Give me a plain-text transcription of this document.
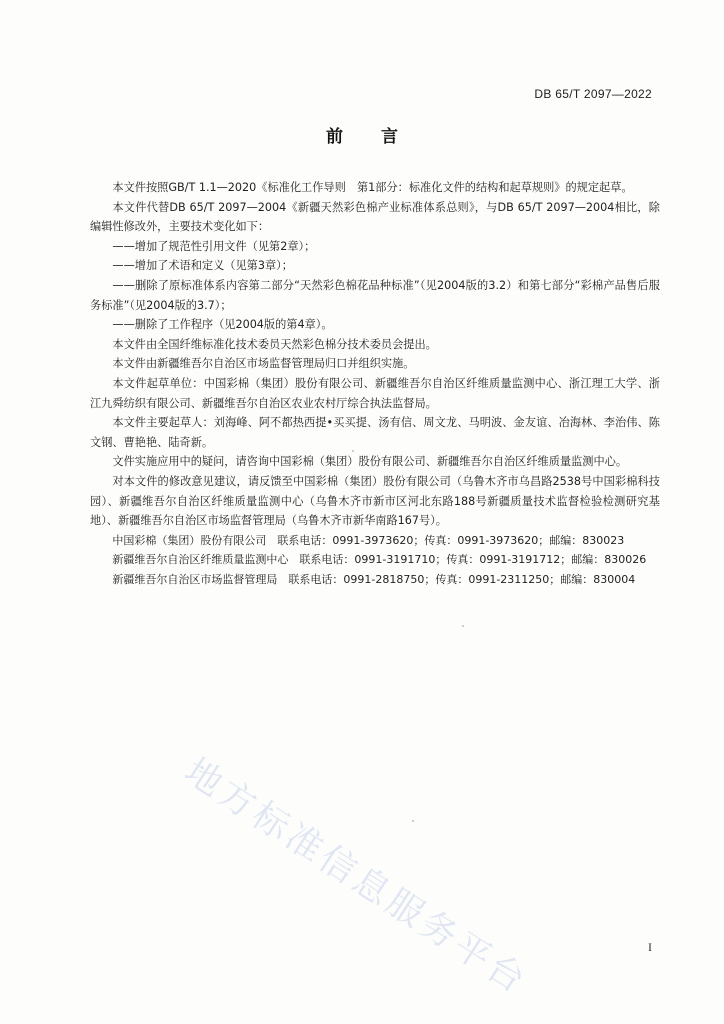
DB 65/T 2097—2022
前言

本文件按照GB/T 1.1—2020《标准化工作导则　第1部分：标准化文件的结构和起草规则》的规定起草。

本文件代替DB 65/T 2097—2004《新疆天然彩色棉产业标准体系总则》，与DB 65/T 2097—2004相比，除编辑性修改外，主要技术变化如下：

——增加了规范性引用文件（见第2章）；

——增加了术语和定义（见第3章）；

——删除了原标准体系内容第二部分“天然彩色棉花品种标准”（见2004版的3.2）和第七部分“彩棉产品售后服务标准”（见2004版的3.7）；

——删除了工作程序（见2004版的第4章）。

本文件由全国纤维标准化技术委员天然彩色棉分技术委员会提出。

本文件由新疆维吾尔自治区市场监督管理局归口并组织实施。

本文件起草单位：中国彩棉（集团）股份有限公司、新疆维吾尔自治区纤维质量监测中心、浙江理工大学、浙江九舜纺织有限公司、新疆维吾尔自治区农业农村厅综合执法监督局。

本文件主要起草人：刘海峰、阿不都热西提•买买提、汤有信、周文龙、马明波、金友谊、冶海林、李治伟、陈文钢、曹艳艳、陆奇新。

文件实施应用中的疑问，请咨询中国彩棉（集团）股份有限公司、新疆维吾尔自治区纤维质量监测中心。

对本文件的修改意见建议，请反馈至中国彩棉（集团）股份有限公司（乌鲁木齐市乌昌路2538号中国彩棉科技园）、新疆维吾尔自治区纤维质量监测中心（乌鲁木齐市新市区河北东路188号新疆质量技术监督检验检测研究基地）、新疆维吾尔自治区市场监督管理局（乌鲁木齐市新华南路167号）。

中国彩棉（集团）股份有限公司　联系电话：0991-3973620；传真：0991-3973620；邮编：830023

新疆维吾尔自治区纤维质量监测中心　联系电话：0991-3191710；传真：0991-3191712；邮编：830026

新疆维吾尔自治区市场监督管理局　联系电话：0991-2818750；传真：0991-2311250；邮编：830004

地方标准信息服务平台	I
